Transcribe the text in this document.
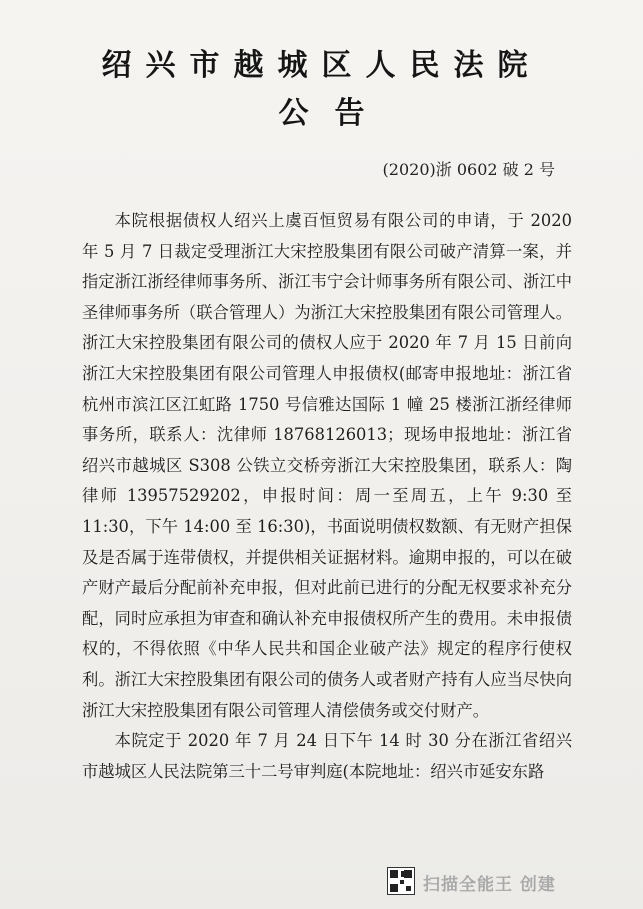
绍兴市越城区人民法院
公告
(2020)浙 0602 破 2 号

本院根据债权人绍兴上虞百恒贸易有限公司的申请，于 2020 年 5 月 7 日裁定受理浙江大宋控股集团有限公司破产清算一案，并指定浙江浙经律师事务所、浙江韦宁会计师事务所有限公司、浙江中圣律师事务所（联合管理人）为浙江大宋控股集团有限公司管理人。浙江大宋控股集团有限公司的债权人应于 2020 年 7 月 15 日前向浙江大宋控股集团有限公司管理人申报债权(邮寄申报地址：浙江省杭州市滨江区江虹路 1750 号信雅达国际 1 幢 25 楼浙江浙经律师事务所，联系人：沈律师 18768126013；现场申报地址：浙江省绍兴市越城区 S308 公铁立交桥旁浙江大宋控股集团，联系人：陶律师 13957529202，申报时间：周一至周五，上午 9:30 至 11:30，下午 14:00 至 16:30)，书面说明债权数额、有无财产担保及是否属于连带债权，并提供相关证据材料。逾期申报的，可以在破产财产最后分配前补充申报，但对此前已进行的分配无权要求补充分配，同时应承担为审查和确认补充申报债权所产生的费用。未申报债权的，不得依照《中华人民共和国企业破产法》规定的程序行使权利。浙江大宋控股集团有限公司的债务人或者财产持有人应当尽快向浙江大宋控股集团有限公司管理人清偿债务或交付财产。

本院定于 2020 年 7 月 24 日下午 14 时 30 分在浙江省绍兴市越城区人民法院第三十二号审判庭(本院地址：绍兴市延安东路

扫描全能王 创建
